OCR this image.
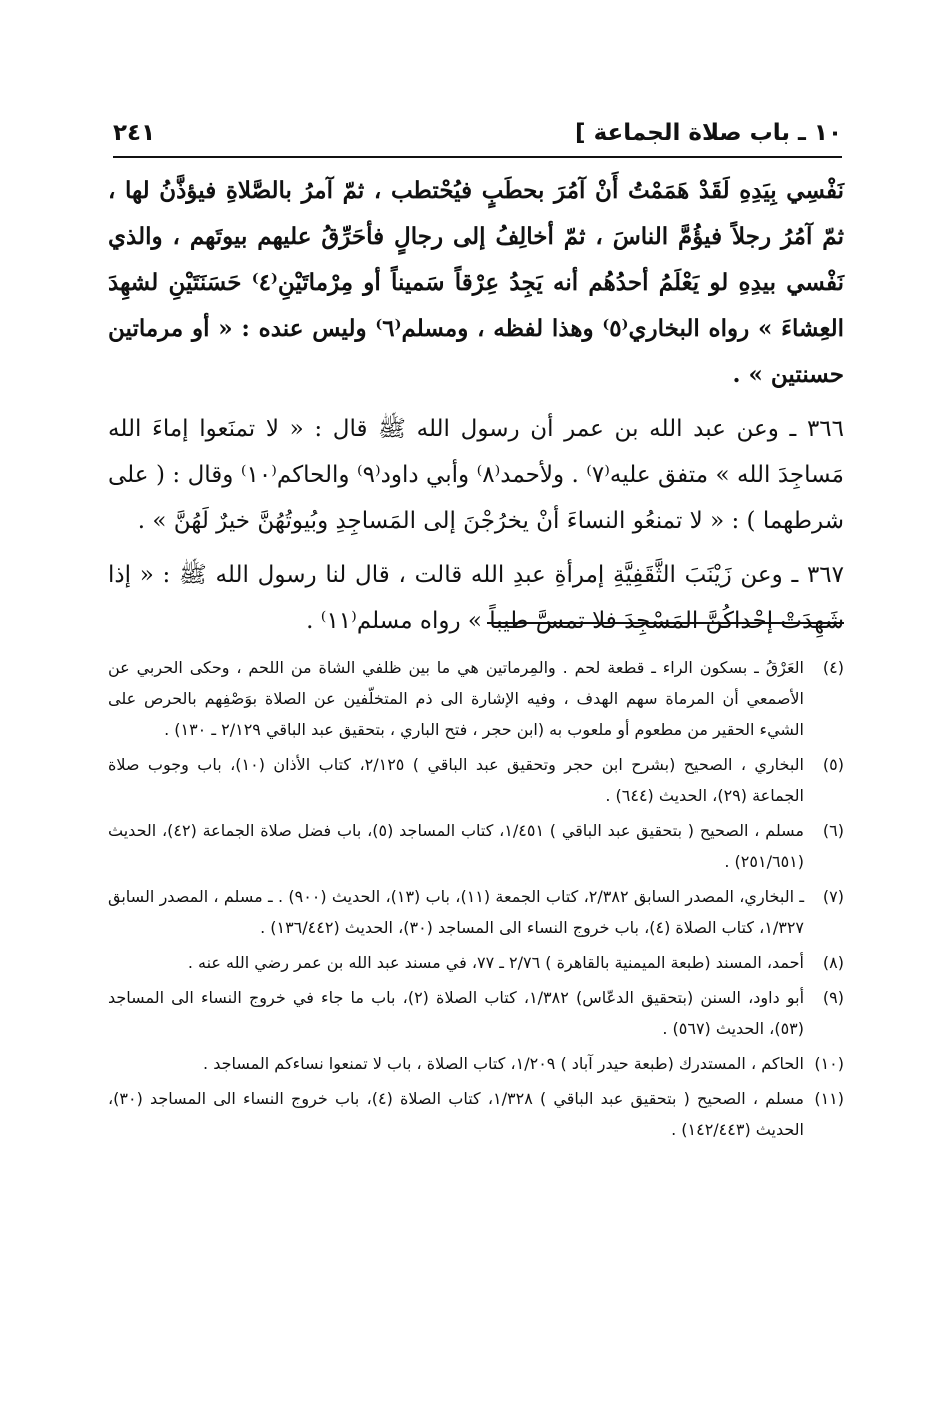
١٠ ـ باب صلاة الجماعة ]
٢٤١

نَفْسِي بِيَدِهِ لَقَدْ هَمَمْتُ أَنْ آمُرَ بحطَبٍ فيُحْتطب ، ثمّ آمرُ بالصَّلاةِ فيؤذَّنُ لها ، ثمّ آمُرُ رجلاً فيؤُمَّ الناسَ ، ثمّ أخالِفُ إلى رجالٍ فأحَرِّقُ عليهم بيوتَهم ، والذي نَفْسي بيدِهِ لو يَعْلَمُ أحدُهُم أنه يَجِدُ عِرْقاً سَميناً أو مِرْماتَيْنِ⁽٤⁾ حَسَنَتَيْنِ لشهِدَ العِشاءَ » رواه البخاري⁽٥⁾ وهذا لفظه ، ومسلم⁽٦⁾ وليس عنده : « أو مرماتين حسنتين » .

٣٦٦ ـ وعن عبد الله بن عمر أن رسول الله ﷺ قال : « لا تمنَعوا إماءَ الله مَساجِدَ الله » متفق عليه⁽٧⁾ . ولأحمد⁽٨⁾ وأبي داود⁽٩⁾ والحاكم⁽١٠⁾ وقال : ( على شرطهما ) : « لا تمنعُو النساءَ أنْ يخرُجْنَ إلى المَساجِدِ وبُيوتُهُنَّ خيرٌ لَهُنَّ » .

٣٦٧ ـ وعن زَيْنَبَ الثَّقَفِيَّةِ إمرأةِ عبدِ الله قالت ، قال لنا رسول الله ﷺ : « إذا شَهِدَتْ إحْداكُنَّ المَسْجِدَ فلا تمسَّ طيباً » رواه مسلم⁽١١⁾ .

(٤)
العَرْقُ ـ بسكون الراء ـ قطعة لحم . والمِرماتين هي ما بين ظلفي الشاة من اللحم ، وحكى الحربي عن الأصمعي أن المرماة سهم الهدف ، وفيه الإشارة الى ذم المتخلّفين عن الصلاة بوَصْفِهم بالحرص على الشيء الحقير من مطعوم أو ملعوب به (ابن حجر ، فتح الباري ، بتحقيق عبد الباقي ٢/١٢٩ ـ ١٣٠) .
(٥)
البخاري ، الصحيح (بشرح ابن حجر وتحقيق عبد الباقي ) ٢/١٢٥، كتاب الأذان (١٠)، باب وجوب صلاة الجماعة (٢٩)، الحديث (٦٤٤) .
(٦)
مسلم ، الصحيح ( بتحقيق عبد الباقي ) ١/٤٥١، كتاب المساجد (٥)، باب فضل صلاة الجماعة (٤٢)، الحديث (٢٥١/٦٥١) .
(٧)
ـ البخاري، المصدر السابق ٢/٣٨٢، كتاب الجمعة (١١)، باب (١٣)، الحديث (٩٠٠) . ـ مسلم ، المصدر السابق ١/٣٢٧، كتاب الصلاة (٤)، باب خروج النساء الى المساجد (٣٠)، الحديث (١٣٦/٤٤٢) .
(٨)
أحمد، المسند (طبعة الميمنية بالقاهرة ) ٢/٧٦ ـ ٧٧، في مسند عبد الله بن عمر رضي الله عنه .
(٩)
أبو داود، السنن (بتحقيق الدعّاس) ١/٣٨٢، كتاب الصلاة (٢)، باب ما جاء في خروج النساء الى المساجد (٥٣)، الحديث (٥٦٧) .
(١٠)
الحاكم ، المستدرك (طبعة حيدر آباد ) ١/٢٠٩، كتاب الصلاة ، باب لا تمنعوا نساءكم المساجد .
(١١)
مسلم ، الصحيح ( بتحقيق عبد الباقي ) ١/٣٢٨، كتاب الصلاة (٤)، باب خروج النساء الى المساجد (٣٠)، الحديث (١٤٢/٤٤٣) .
